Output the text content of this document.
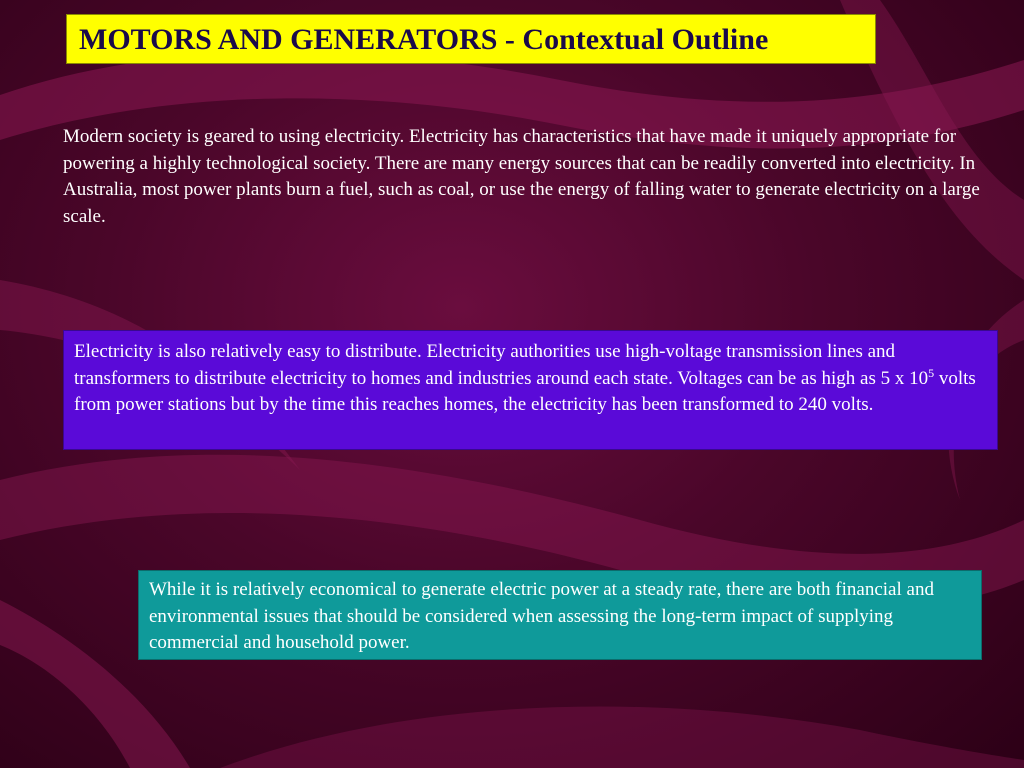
MOTORS AND GENERATORS - Contextual Outline
Modern society is geared to using electricity. Electricity has characteristics that have made it uniquely appropriate for powering a highly technological society. There are many energy sources that can be readily converted into electricity. In Australia, most power plants burn a fuel, such as coal, or use the energy of falling water to generate electricity on a large scale.
Electricity is also relatively easy to distribute. Electricity authorities use high-voltage transmission lines and transformers to distribute electricity to homes and industries around each state. Voltages can be as high as 5 x $10^5$ volts from power stations but by the time this reaches homes, the electricity has been transformed to 240 volts.
While it is relatively economical to generate electric power at a steady rate, there are both financial and environmental issues that should be considered when assessing the long-term impact of supplying commercial and household power.
